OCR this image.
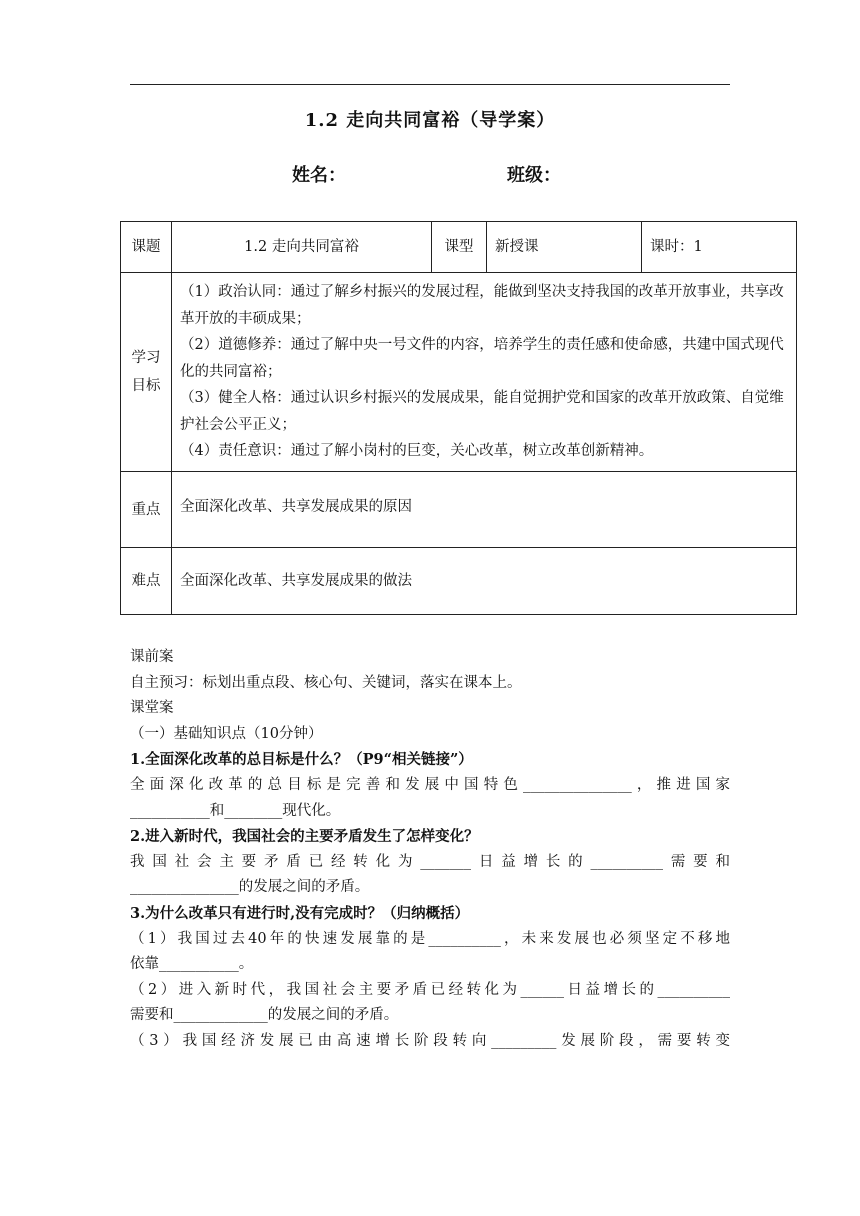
1.2 走向共同富裕（导学案）
姓名：	班级：
课题	1.2 走向共同富裕	课型	新授课	课时：1

学习目标	（1）政治认同：通过了解乡村振兴的发展过程，能做到坚决支持我国的改革开放事业，共享改革开放的丰硕成果；

（2）道德修养：通过了解中央一号文件的内容，培养学生的责任感和使命感，共建中国式现代化的共同富裕；

（3）健全人格：通过认识乡村振兴的发展成果，能自觉拥护党和国家的改革开放政策、自觉维护社会公平正义；

（4）责任意识：通过了解小岗村的巨变，关心改革，树立改革创新精神。			

重点	全面深化改革、共享发展成果的原因			
难点	全面深化改革、共享发展成果的做法			

课前案

自主预习：标划出重点段、核心句、关键词，落实在课本上。

课堂案

（一）基础知识点（10分钟）

1.全面深化改革的总目标是什么？（P9“相关链接”）

全面深化改革的总目标是完善和发展中国特色_______________，推进国家

___________和________现代化。

2.进入新时代，我国社会的主要矛盾发生了怎样变化？

我国社会主要矛盾已经转化为_______日益增长的__________需要和

_______________的发展之间的矛盾。

3.为什么改革只有进行时,没有完成时？（归纳概括）

（1）我国过去40年的快速发展靠的是__________，未来发展也必须坚定不移地

依靠___________。

（2）进入新时代，我国社会主要矛盾已经转化为______日益增长的__________

需要和_____________的发展之间的矛盾。

（3）我国经济发展已由高速增长阶段转向_________发展阶段，需要转变
